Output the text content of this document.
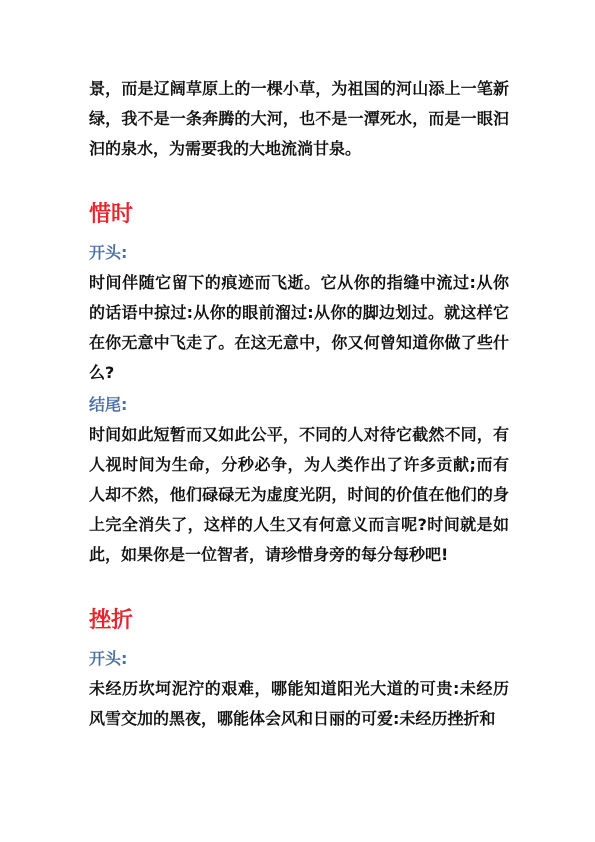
景，而是辽阔草原上的一棵小草，为祖国的河山添上一笔新绿，我不是一条奔腾的大河，也不是一潭死水，而是一眼汩汩的泉水，为需要我的大地流淌甘泉。

惜时

开头:

时间伴随它留下的痕迹而飞逝。它从你的指缝中流过:从你的话语中掠过:从你的眼前溜过:从你的脚边划过。就这样它在你无意中飞走了。在这无意中，你又何曾知道你做了些什么?

结尾:

时间如此短暂而又如此公平，不同的人对待它截然不同，有人视时间为生命，分秒必争，为人类作出了许多贡献;而有人却不然，他们碌碌无为虚度光阴，时间的价值在他们的身上完全消失了，这样的人生又有何意义而言呢?时间就是如此，如果你是一位智者，请珍惜身旁的每分每秒吧!

挫折

开头:

未经历坎坷泥泞的艰难，哪能知道阳光大道的可贵:未经历风雪交加的黑夜，哪能体会风和日丽的可爱:未经历挫折和
